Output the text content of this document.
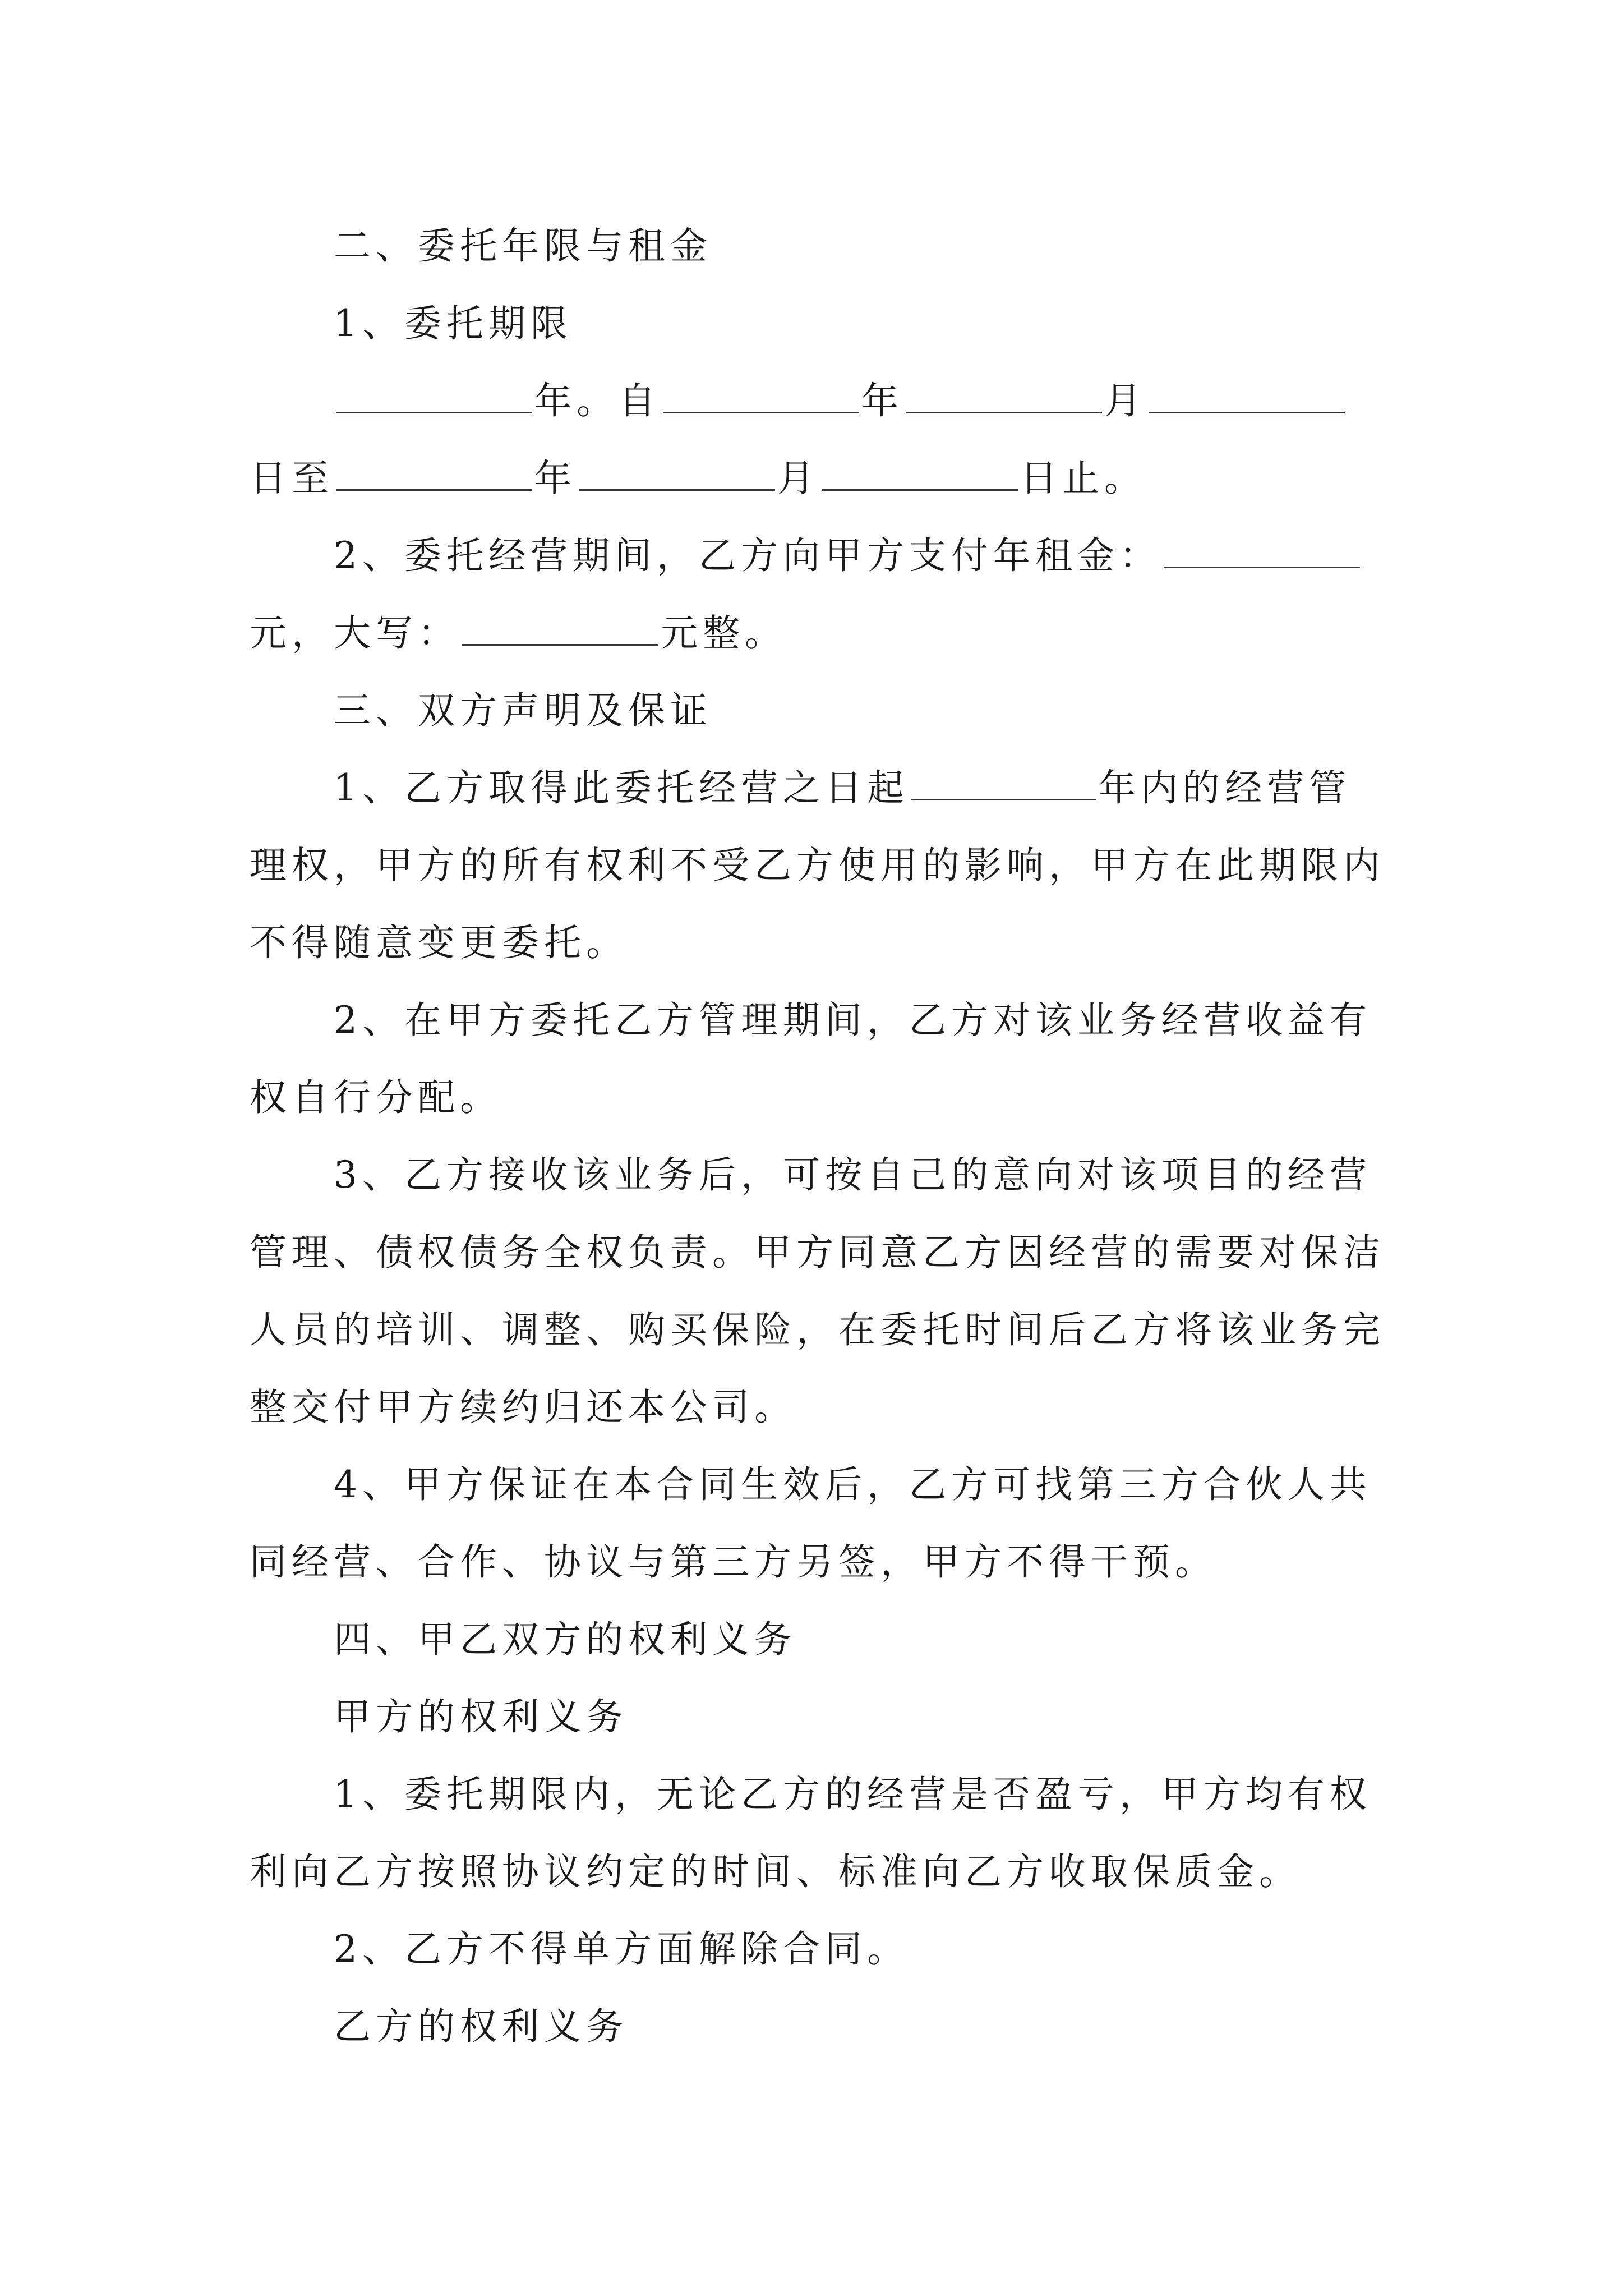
二、委托年限与租金

1、委托期限

年。自	年	月日至	年	月	日止。

2、委托经营期间，乙方向甲方支付年租金：元，大写：	元整。

三、双方声明及保证

1、乙方取得此委托经营之日起	年内的经营管理权，甲方的所有权利不受乙方使用的影响，甲方在此期限内不得随意变更委托。

2、在甲方委托乙方管理期间，乙方对该业务经营收益有权自行分配。

3、乙方接收该业务后，可按自己的意向对该项目的经营管理、债权债务全权负责。甲方同意乙方因经营的需要对保洁人员的培训、调整、购买保险，在委托时间后乙方将该业务完整交付甲方续约归还本公司。

4、甲方保证在本合同生效后，乙方可找第三方合伙人共同经营、合作、协议与第三方另签，甲方不得干预。

四、甲乙双方的权利义务

甲方的权利义务

1、委托期限内，无论乙方的经营是否盈亏，甲方均有权利向乙方按照协议约定的时间、标准向乙方收取保质金。

2、乙方不得单方面解除合同。

乙方的权利义务
